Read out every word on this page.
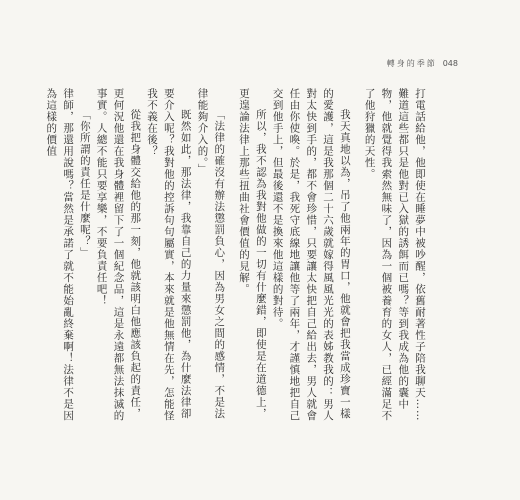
轉身的季節 048

打電話給他，他即使在睡夢中被吵醒，依舊耐著性子陪我聊天……

難道這些都只是他對已入獄的誘餌而已嗎？等到我成為他的囊中物，他就覺得我索然無味了，因為一個被養育的女人，已經滿足不了他狩獵的天性。

我天真地以為，吊了他兩年的胃口，他就會把我當成珍寶一樣的愛護，這是我那個二十六歲就嫁得風風光光的表姊教我的：男人對太快到手的，都不會珍惜，只要讓太快把自己給出去，男人就會任由你使喚。於是，我死守底線地讓他等了兩年，才謹慎地把自己交到他手上，但最後還不是換來他這樣的對待。

所以，我不認為我對他做的一切有什麼錯，即使是在道德上，更遑論法律上那些扭曲社會價值的見解。

「法律的確沒有辦法懲罰負心，因為男女之間的感情，不是法律能夠介入的。」

既然如此，那法律，我靠自己的力量來懲罰他，為什麼法律卻要介入呢？我對他的控訴句句屬實，本來就是他無情在先，怎能怪我不義在後？

從我把身體交給他的那一刻，他就該明白他應該負起的責任，更何況他還在我身體裡留下了一個紀念品，這是永遠都無法抹滅的事實。人總不能只要享樂，不要負責任吧！

「你所謂的責任是什麼呢？」

律師，那還用說嗎？當然是承諾了就不能始亂終棄啊！法律不是因為這樣的價值
